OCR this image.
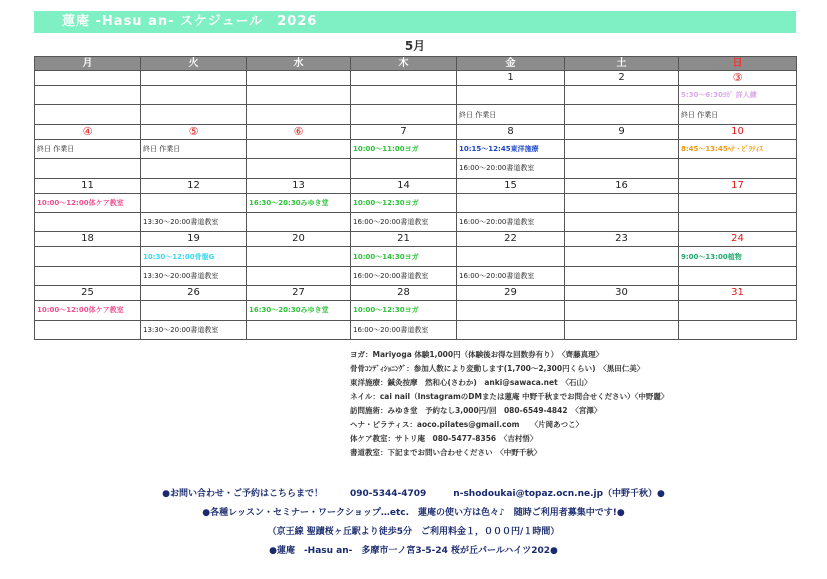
蓮庵 -Hasu an- スケジュール　2026
5月
月	火	水	木	金	土	日
				1	2	③
						5:30〜6:30ﾖｶﾞ 詳人練
				終日 作業日		終日 作業日
④	⑤	⑥	7	8	9	10
終日 作業日	終日 作業日		10:00〜11:00ヨガ	10:15〜12:45東洋施療		8:45〜13:45ﾍﾅ・ﾋﾟﾗﾃｨｽ
				16:00〜20:00書道教室		
11	12	13	14	15	16	17
10:00〜12:00体ケア教室		16:30〜20:30みゆき堂	10:00〜12:30ヨガ			
	13:30〜20:00書道教室		16:00〜20:00書道教室	16:00〜20:00書道教室		
18	19	20	21	22	23	24
	10:30〜12:00骨盤G		10:00〜14:30ヨガ			9:00〜13:00植物
	13:30〜20:00書道教室		16:00〜20:00書道教室	16:00〜20:00書道教室		
25	26	27	28	29	30	31
10:00〜12:00体ケア教室		16:30〜20:30みゆき堂	10:00〜12:30ヨガ			
	13:30〜20:00書道教室		16:00〜20:00書道教室			
ヨガ：Mariyoga 体験1,000円（体験後お得な回数券有り）　〈齊藤真理〉
骨骨ｺﾝﾃﾞｨｼｮﾆﾝｸﾞ：参加人数により変動します(1,700〜2,300円くらい)　〈黒田仁美〉
東洋施療：鍼灸按摩　然和心(さわか)　anki@sawaca.net　〈石山〉
ネイル：cai nail（InstagramのDMまたは蓮庵 中野千秋までお問合せください）〈中野麗〉
訪問施術：みゆき堂　予約なし3,000円/回　080-6549-4842　〈宮澤〉
ヘナ・ピラティス：aoco.pilates@gmail.com　　〈片岡あつこ〉
体ケア教室：サトリ庵　080-5477-8356　〈吉村悟〉
書道教室：下記までお問い合わせください　〈中野千秋〉
●お問い合わせ・ご予約はこちらまで！　　　090-5344-4709　　　n-shodoukai@topaz.ocn.ne.jp（中野千秋）●
●各種レッスン・セミナー・ワークショップ…etc.　蓮庵の使い方は色々♪　随時ご利用者募集中です!●
（京王線 聖蹟桜ヶ丘駅より徒歩5分　ご利用料金１，０００円/１時間）
●蓮庵　-Hasu an-　多摩市一ノ宮3-5-24 桜が丘パールハイツ202●
